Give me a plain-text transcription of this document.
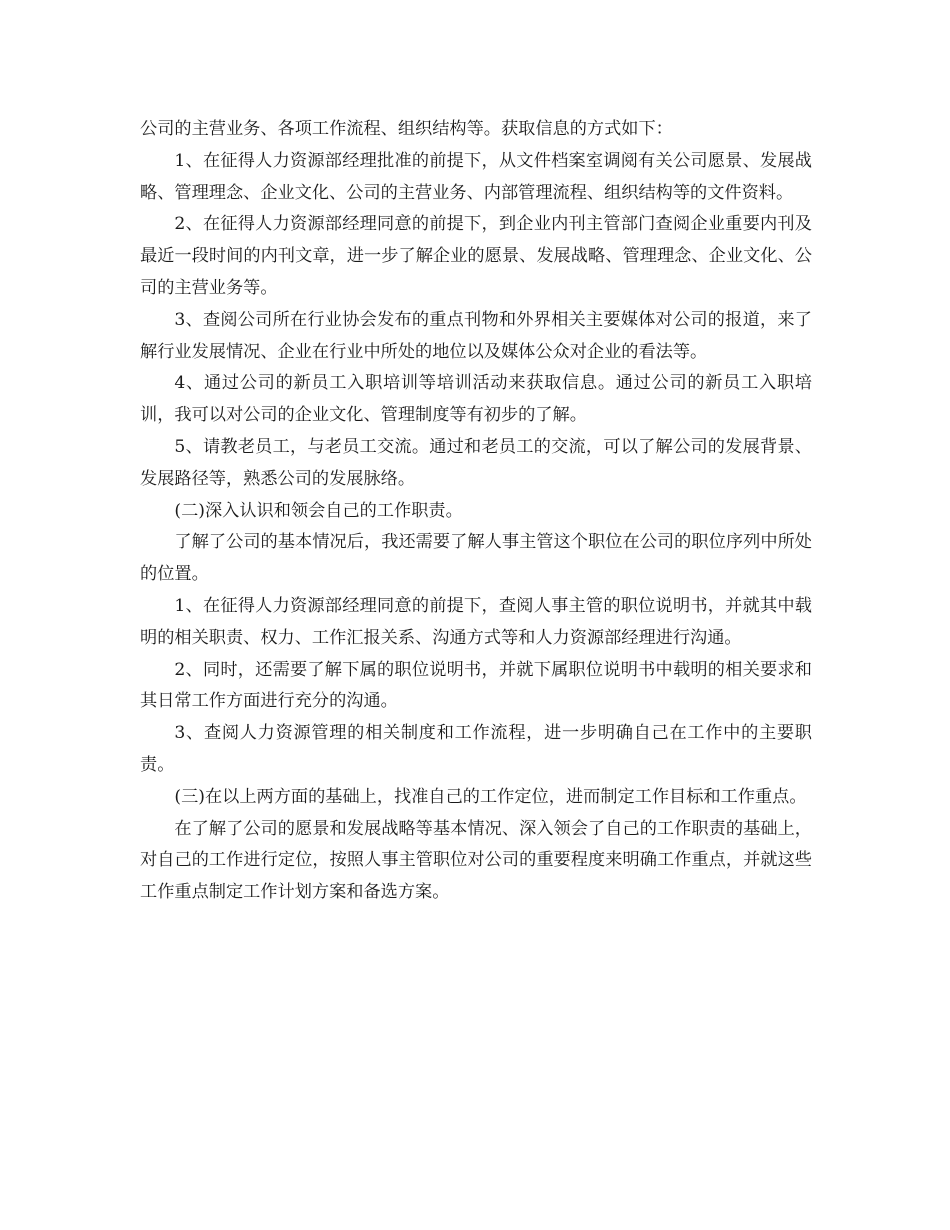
公司的主营业务、各项工作流程、组织结构等。获取信息的方式如下：

1、在征得人力资源部经理批准的前提下，从文件档案室调阅有关公司愿景、发展战略、管理理念、企业文化、公司的主营业务、内部管理流程、组织结构等的文件资料。

2、在征得人力资源部经理同意的前提下，到企业内刊主管部门查阅企业重要内刊及最近一段时间的内刊文章，进一步了解企业的愿景、发展战略、管理理念、企业文化、公司的主营业务等。

3、查阅公司所在行业协会发布的重点刊物和外界相关主要媒体对公司的报道，来了解行业发展情况、企业在行业中所处的地位以及媒体公众对企业的看法等。

4、通过公司的新员工入职培训等培训活动来获取信息。通过公司的新员工入职培训，我可以对公司的企业文化、管理制度等有初步的了解。

5、请教老员工，与老员工交流。通过和老员工的交流，可以了解公司的发展背景、发展路径等，熟悉公司的发展脉络。

(二)深入认识和领会自己的工作职责。

了解了公司的基本情况后，我还需要了解人事主管这个职位在公司的职位序列中所处的位置。

1、在征得人力资源部经理同意的前提下，查阅人事主管的职位说明书，并就其中载明的相关职责、权力、工作汇报关系、沟通方式等和人力资源部经理进行沟通。

2、同时，还需要了解下属的职位说明书，并就下属职位说明书中载明的相关要求和其日常工作方面进行充分的沟通。

3、查阅人力资源管理的相关制度和工作流程，进一步明确自己在工作中的主要职责。

(三)在以上两方面的基础上，找准自己的工作定位，进而制定工作目标和工作重点。

在了解了公司的愿景和发展战略等基本情况、深入领会了自己的工作职责的基础上，对自己的工作进行定位，按照人事主管职位对公司的重要程度来明确工作重点，并就这些工作重点制定工作计划方案和备选方案。
